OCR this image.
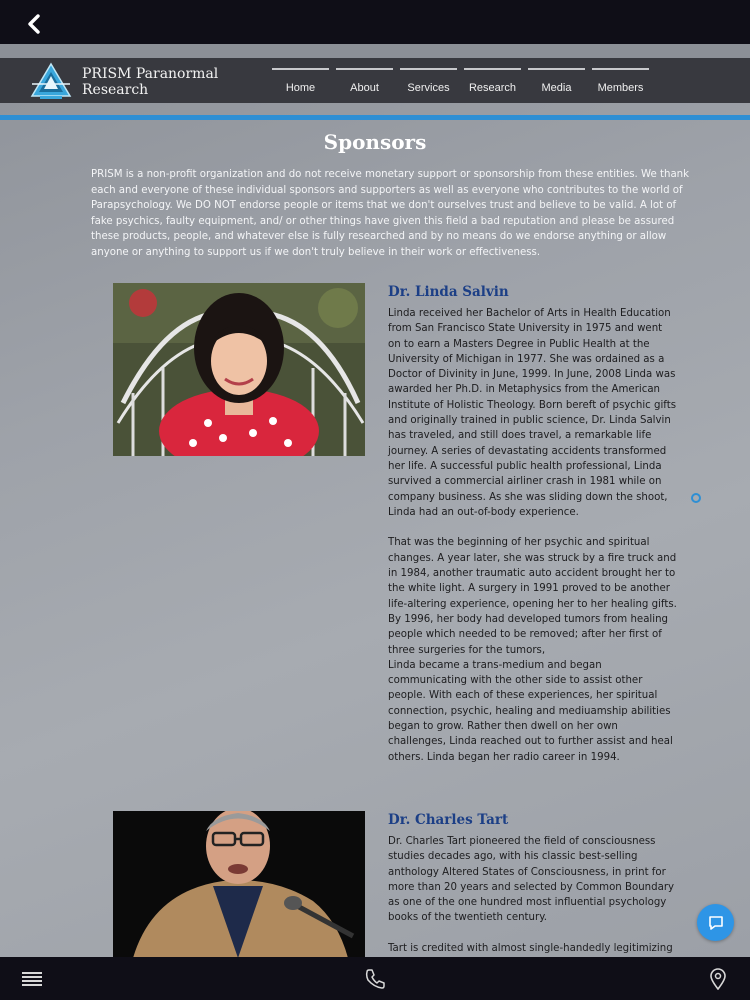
PRISM Paranormal Research	Home	About	Services	Research	Media	Members
Sponsors
PRISM is a non-profit organization and do not receive monetary support or sponsorship from these entities. We thank each and everyone of these individual sponsors and supporters as well as everyone who contributes to the world of Parapsychology. We DO NOT endorse people or items that we don't ourselves trust and believe to be valid. A lot of fake psychics, faulty equipment, and/ or other things have given this field a bad reputation and please be assured these products, people, and whatever else is fully researched and by no means do we endorse anything or allow anyone or anything to support us if we don't truly believe in their work or effectiveness.
Dr. Linda Salvin
Linda received her Bachelor of Arts in Health Education from San Francisco State University in 1975 and went on to earn a Masters Degree in Public Health at the University of Michigan in 1977. She was ordained as a Doctor of Divinity in June, 1999. In June, 2008 Linda was awarded her Ph.D. in Metaphysics from the American Institute of Holistic Theology. Born bereft of psychic gifts and originally trained in public science, Dr. Linda Salvin has traveled, and still does travel, a remarkable life journey. A series of devastating accidents transformed her life. A successful public health professional, Linda survived a commercial airliner crash in 1981 while on company business. As she was sliding down the shoot, Linda had an out-of-body experience.

That was the beginning of her psychic and spiritual changes. A year later, she was struck by a fire truck and in 1984, another traumatic auto accident brought her to the white light. A surgery in 1991 proved to be another life-altering experience, opening her to her healing gifts. By 1996, her body had developed tumors from healing people which needed to be removed; after her first of three surgeries for the tumors,
Linda became a trans-medium and began communicating with the other side to assist other people. With each of these experiences, her spiritual connection, psychic, healing and mediuamship abilities began to grow. Rather then dwell on her own challenges, Linda reached out to further assist and heal others. Linda began her radio career in 1994.
Dr. Charles Tart
Dr. Charles Tart pioneered the field of consciousness studies decades ago, with his classic best-selling anthology Altered States of Consciousness, in print for more than 20 years and selected by Common Boundary as one of the one hundred most influential psychology books of the twentieth century.

Tart is credited with almost single-handedly legitimizing
